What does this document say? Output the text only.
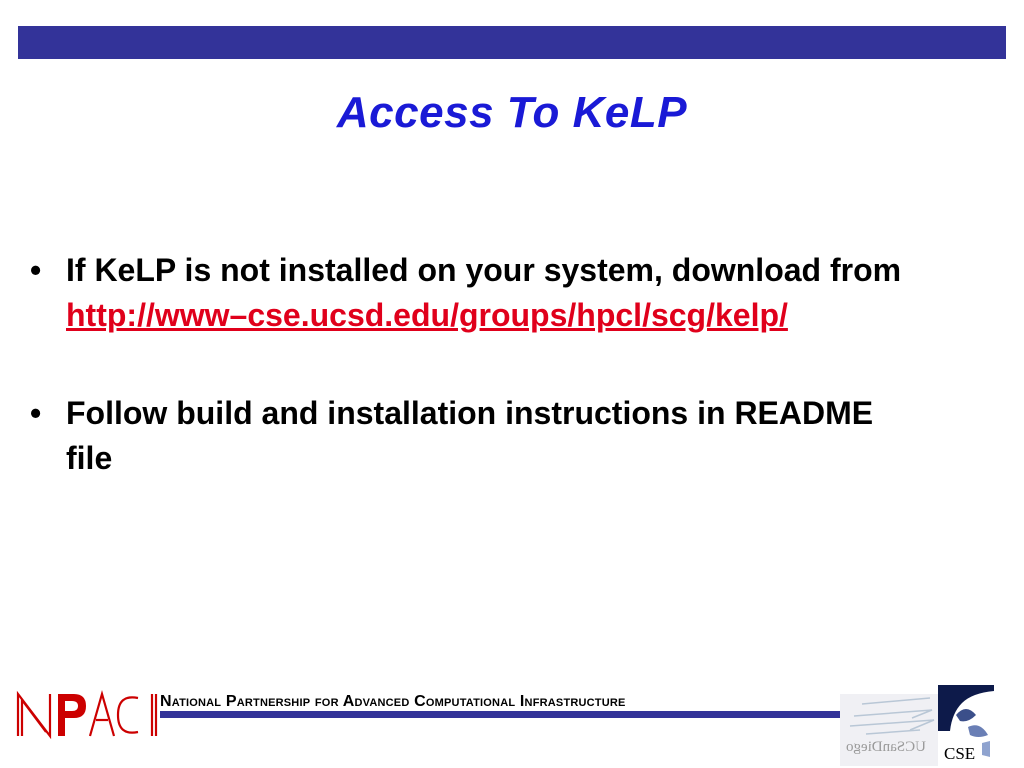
Access To KeLP
• If KeLP is not installed on your system, download from http://www–cse.ucsd.edu/groups/hpcl/scg/kelp/
• Follow build and installation instructions in README file
NPACI
National Partnership for Advanced Computational Infrastructure
UCSanDiego CSE
